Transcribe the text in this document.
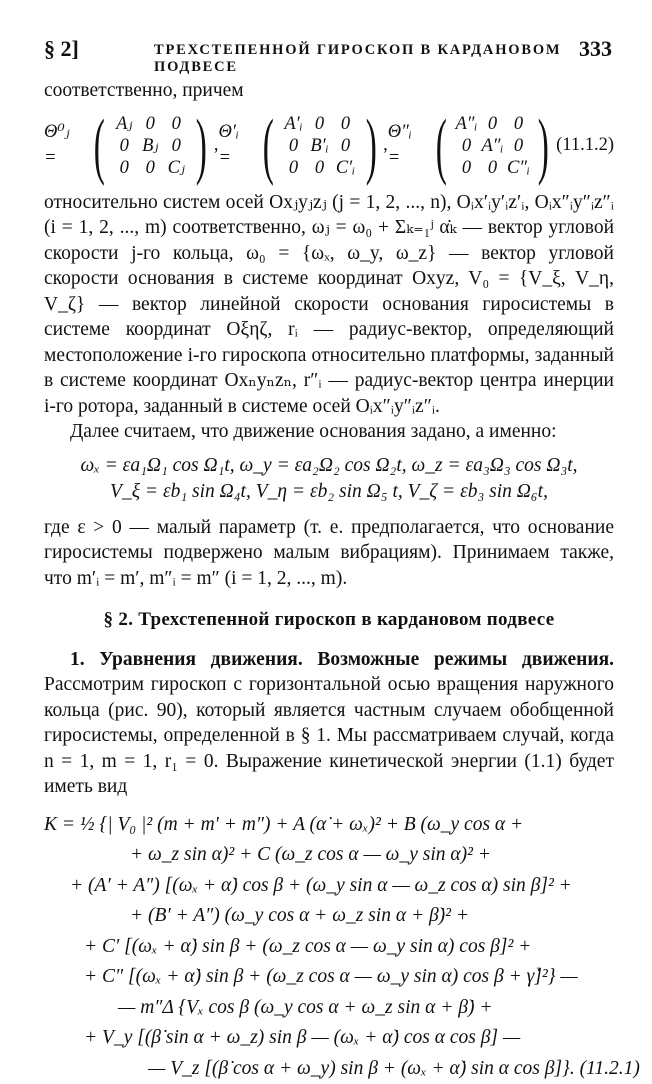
§ 2]	ТРЕХСТЕПЕННОЙ ГИРОСКОП В КАРДАНОВОМ ПОДВЕСЕ
333

соответственно, причем

Θ⁰ⱼ = ( Aⱼ 0 0
0 Bⱼ 0
0 0 Cⱼ ) ,
Θ′ᵢ = ( A′ᵢ 0 0
0 B′ᵢ 0
0 0 C′ᵢ ) ,
Θ″ᵢ = ( A″ᵢ 0 0
0 A″ᵢ 0
0 0 C″ᵢ ) (11.1.2)

относительно систем осей Oxⱼyⱼzⱼ (j = 1, 2, ..., n), Oᵢx′ᵢy′ᵢz′ᵢ, Oᵢx″ᵢy″ᵢz″ᵢ (i = 1, 2, ..., m) соответственно, ωⱼ = ω₀ + Σₖ₌₁ʲ α̇ₖ — вектор угловой скорости j-го кольца, ω₀ = {ωₓ, ω_y, ω_z} — вектор угловой скорости основания в системе координат Oxyz, V₀ = {V_ξ, V_η, V_ζ} — вектор линейной скорости основания гиросистемы в системе координат Oξηζ, rᵢ — радиус-вектор, определяющий местоположение i-го гироскопа относительно платформы, заданный в системе координат Oxₙyₙzₙ, r″ᵢ — радиус-вектор центра инерции i-го ротора, заданный в системе осей Oᵢx″ᵢy″ᵢz″ᵢ.

Далее считаем, что движение основания задано, а именно:

ωₓ = εa₁Ω₁ cos Ω₁t, ω_y = εa₂Ω₂ cos Ω₂t, ω_z = εa₃Ω₃ cos Ω₃t,
V_ξ = εb₁ sin Ω₄t, V_η = εb₂ sin Ω₅ t, V_ζ = εb₃ sin Ω₆t,

где ε > 0 — малый параметр (т. е. предполагается, что основание гиросистемы подвержено малым вибрациям). Принимаем также, что m′ᵢ = m′, m″ᵢ = m″ (i = 1, 2, ..., m).

§ 2. Трехстепенной гироскоп в кардановом подвесе

1. Уравнения движения. Возможные режимы движения. Рассмотрим гироскоп с горизонтальной осью вращения наружного кольца (рис. 90), который является частным случаем обобщенной гиросистемы, определенной в § 1. Мы рассматриваем случай, когда n = 1, m = 1, r₁ = 0. Выражение кинетической энергии (1.1) будет иметь вид

K = ½ {| V₀ |² (m + m′ + m″) + A (α̇ + ωₓ)² + B (ω_y cos α +
+ ω_z sin α)² + C (ω_z cos α — ω_y sin α)² +
+ (A′ + A″) [(ωₓ + α̇) cos β + (ω_y sin α — ω_z cos α) sin β]² +
+ (B′ + A″) (ω_y cos α + ω_z sin α + β̇)² +
+ C′ [(ωₓ + α̇) sin β + (ω_z cos α — ω_y sin α) cos β]² +
+ C″ [(ωₓ + α̇) sin β + (ω_z cos α — ω_y sin α) cos β + γ̇]²} —
— m″Δ {Vₓ cos β (ω_y cos α + ω_z sin α + β̇) +
+ V_y [(β̇ sin α + ω_z) sin β — (ωₓ + α̇) cos α cos β] —
— V_z [(β̇ cos α + ω_y) sin β + (ωₓ + α̇) sin α cos β]}. (11.2.1)
